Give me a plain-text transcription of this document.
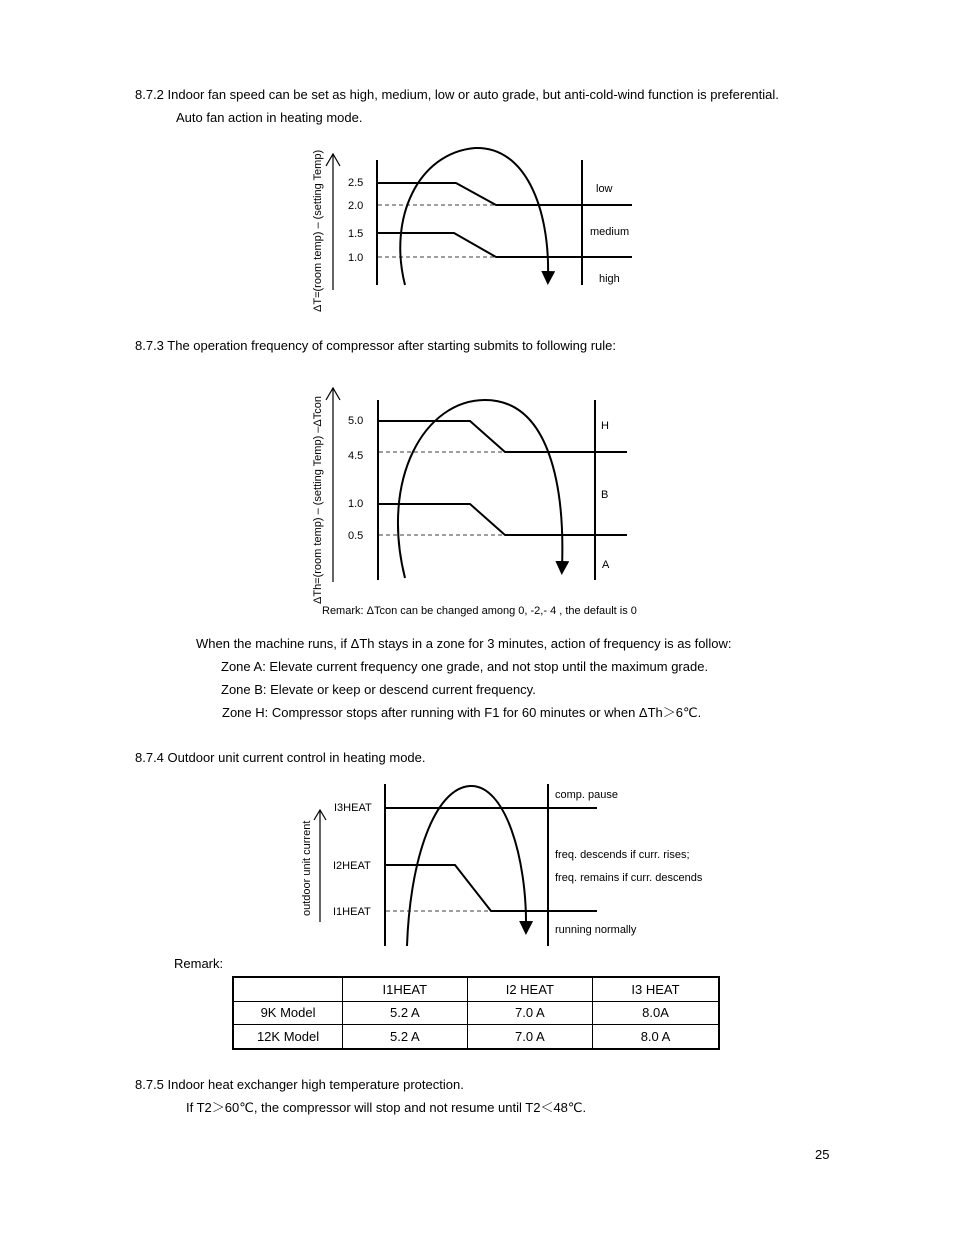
8.7.2 Indoor fan speed can be set as high, medium, low or auto grade, but anti-cold-wind function is preferential.
Auto fan action in heating mode.
ΔT=(room temp) – (setting Temp) 2.5
2.0
1.5
1.0
low
medium
high
8.7.3 The operation frequency of compressor after starting submits to following rule:
ΔTh=(room temp) – (setting Temp) –ΔTcon 5.0
4.5
1.0
0.5
H
B
A
Remark: ΔTcon can be changed among 0, -2,- 4 , the default is 0
When the machine runs, if ΔTh stays in a zone for 3 minutes, action of frequency is as follow:
Zone A: Elevate current frequency one grade, and not stop until the maximum grade.
Zone B: Elevate or keep or descend current frequency.
Zone H: Compressor stops after running with F1 for 60 minutes or when ΔTh＞6℃.
8.7.4 Outdoor unit current control in heating mode.
outdoor unit current
I3HEAT
I2HEAT
I1HEAT
comp. pause
freq. descends if curr. rises;
freq. remains if curr. descends
running normally
Remark:
	I1HEAT	I2 HEAT	I3 HEAT
9K Model	5.2 A	7.0 A	8.0A
12K Model	5.2 A	7.0 A	8.0 A
8.7.5 Indoor heat exchanger high temperature protection.
If T2＞60℃, the compressor will stop and not resume until T2＜48℃.
25
